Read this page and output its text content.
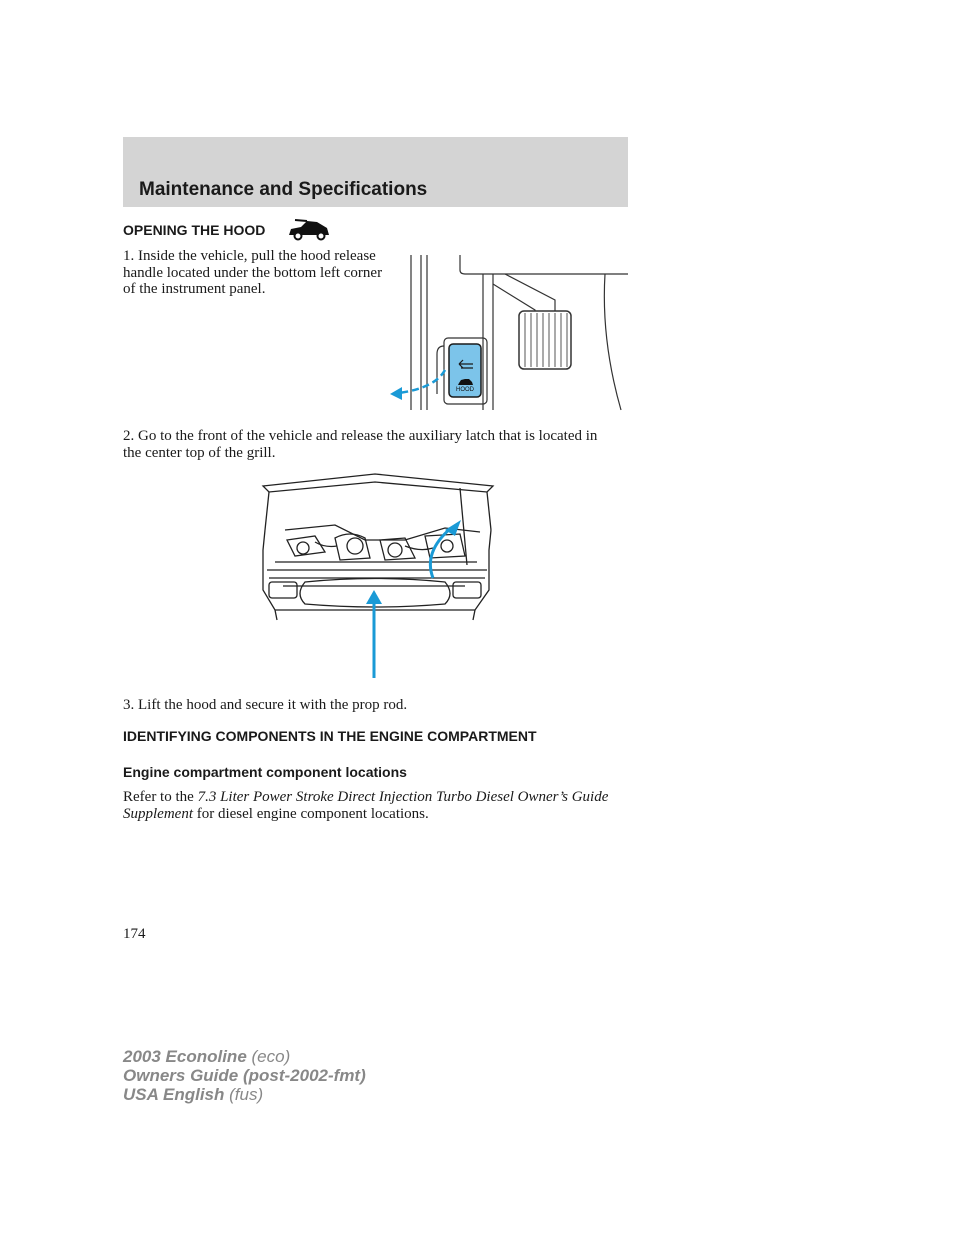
Maintenance and Specifications
OPENING THE HOOD

1. Inside the vehicle, pull the hood release handle located under the bottom left corner of the instrument panel.

HOOD

2. Go to the front of the vehicle and release the auxiliary latch that is located in the center top of the grill.

3. Lift the hood and secure it with the prop rod.

IDENTIFYING COMPONENTS IN THE ENGINE COMPARTMENT
Engine compartment component locations

Refer to the 7.3 Liter Power Stroke Direct Injection Turbo Diesel Owner’s Guide Supplement for diesel engine component locations.

174

2003 Econoline (eco)
Owners Guide (post-2002-fmt)
USA English (fus)
